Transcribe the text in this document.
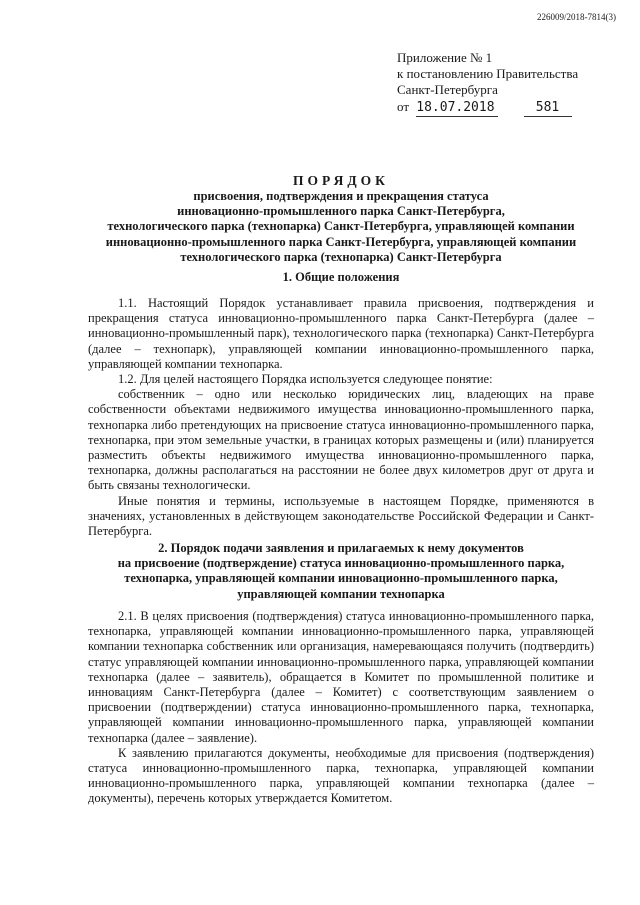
226009/2018-7814(3)
Приложение № 1
к постановлению Правительства
Санкт-Петербурга
от 18.07.2018	581
ПОРЯДОК
присвоения, подтверждения и прекращения статуса
инновационно-промышленного парка Санкт-Петербурга,
технологического парка (технопарка) Санкт-Петербурга, управляющей компании
инновационно-промышленного парка Санкт-Петербурга, управляющей компании
технологического парка (технопарка) Санкт-Петербурга
1. Общие положения

1.1. Настоящий Порядок устанавливает правила присвоения, подтверждения и прекращения статуса инновационно-промышленного парка Санкт-Петербурга (далее – инновационно-промышленный парк), технологического парка (технопарка) Санкт-Петербурга (далее – технопарк), управляющей компании инновационно-промышленного парка, управляющей компании технопарка.

1.2. Для целей настоящего Порядка используется следующее понятие:

собственник – одно или несколько юридических лиц, владеющих на праве собственности объектами недвижимого имущества инновационно-промышленного парка, технопарка либо претендующих на присвоение статуса инновационно-промышленного парка, технопарка, при этом земельные участки, в границах которых размещены и (или) планируется разместить объекты недвижимого имущества инновационно-промышленного парка, технопарка, должны располагаться на расстоянии не более двух километров друг от друга и быть связаны технологически.

Иные понятия и термины, используемые в настоящем Порядке, применяются в значениях, установленных в действующем законодательстве Российской Федерации и Санкт-Петербурга.

2. Порядок подачи заявления и прилагаемых к нему документов
на присвоение (подтверждение) статуса инновационно-промышленного парка,
технопарка, управляющей компании инновационно-промышленного парка,
управляющей компании технопарка

2.1. В целях присвоения (подтверждения) статуса инновационно-промышленного парка, технопарка, управляющей компании инновационно-промышленного парка, управляющей компании технопарка собственник или организация, намеревающаяся получить (подтвердить) статус управляющей компании инновационно-промышленного парка, управляющей компании технопарка (далее – заявитель), обращается в Комитет по промышленной политике и инновациям Санкт-Петербурга (далее – Комитет) с соответствующим заявлением о присвоении (подтверждении) статуса инновационно-промышленного парка, технопарка, управляющей компании инновационно-промышленного парка, управляющей компании технопарка (далее – заявление).

К заявлению прилагаются документы, необходимые для присвоения (подтверждения) статуса инновационно-промышленного парка, технопарка, управляющей компании инновационно-промышленного парка, управляющей компании технопарка (далее – документы), перечень которых утверждается Комитетом.
